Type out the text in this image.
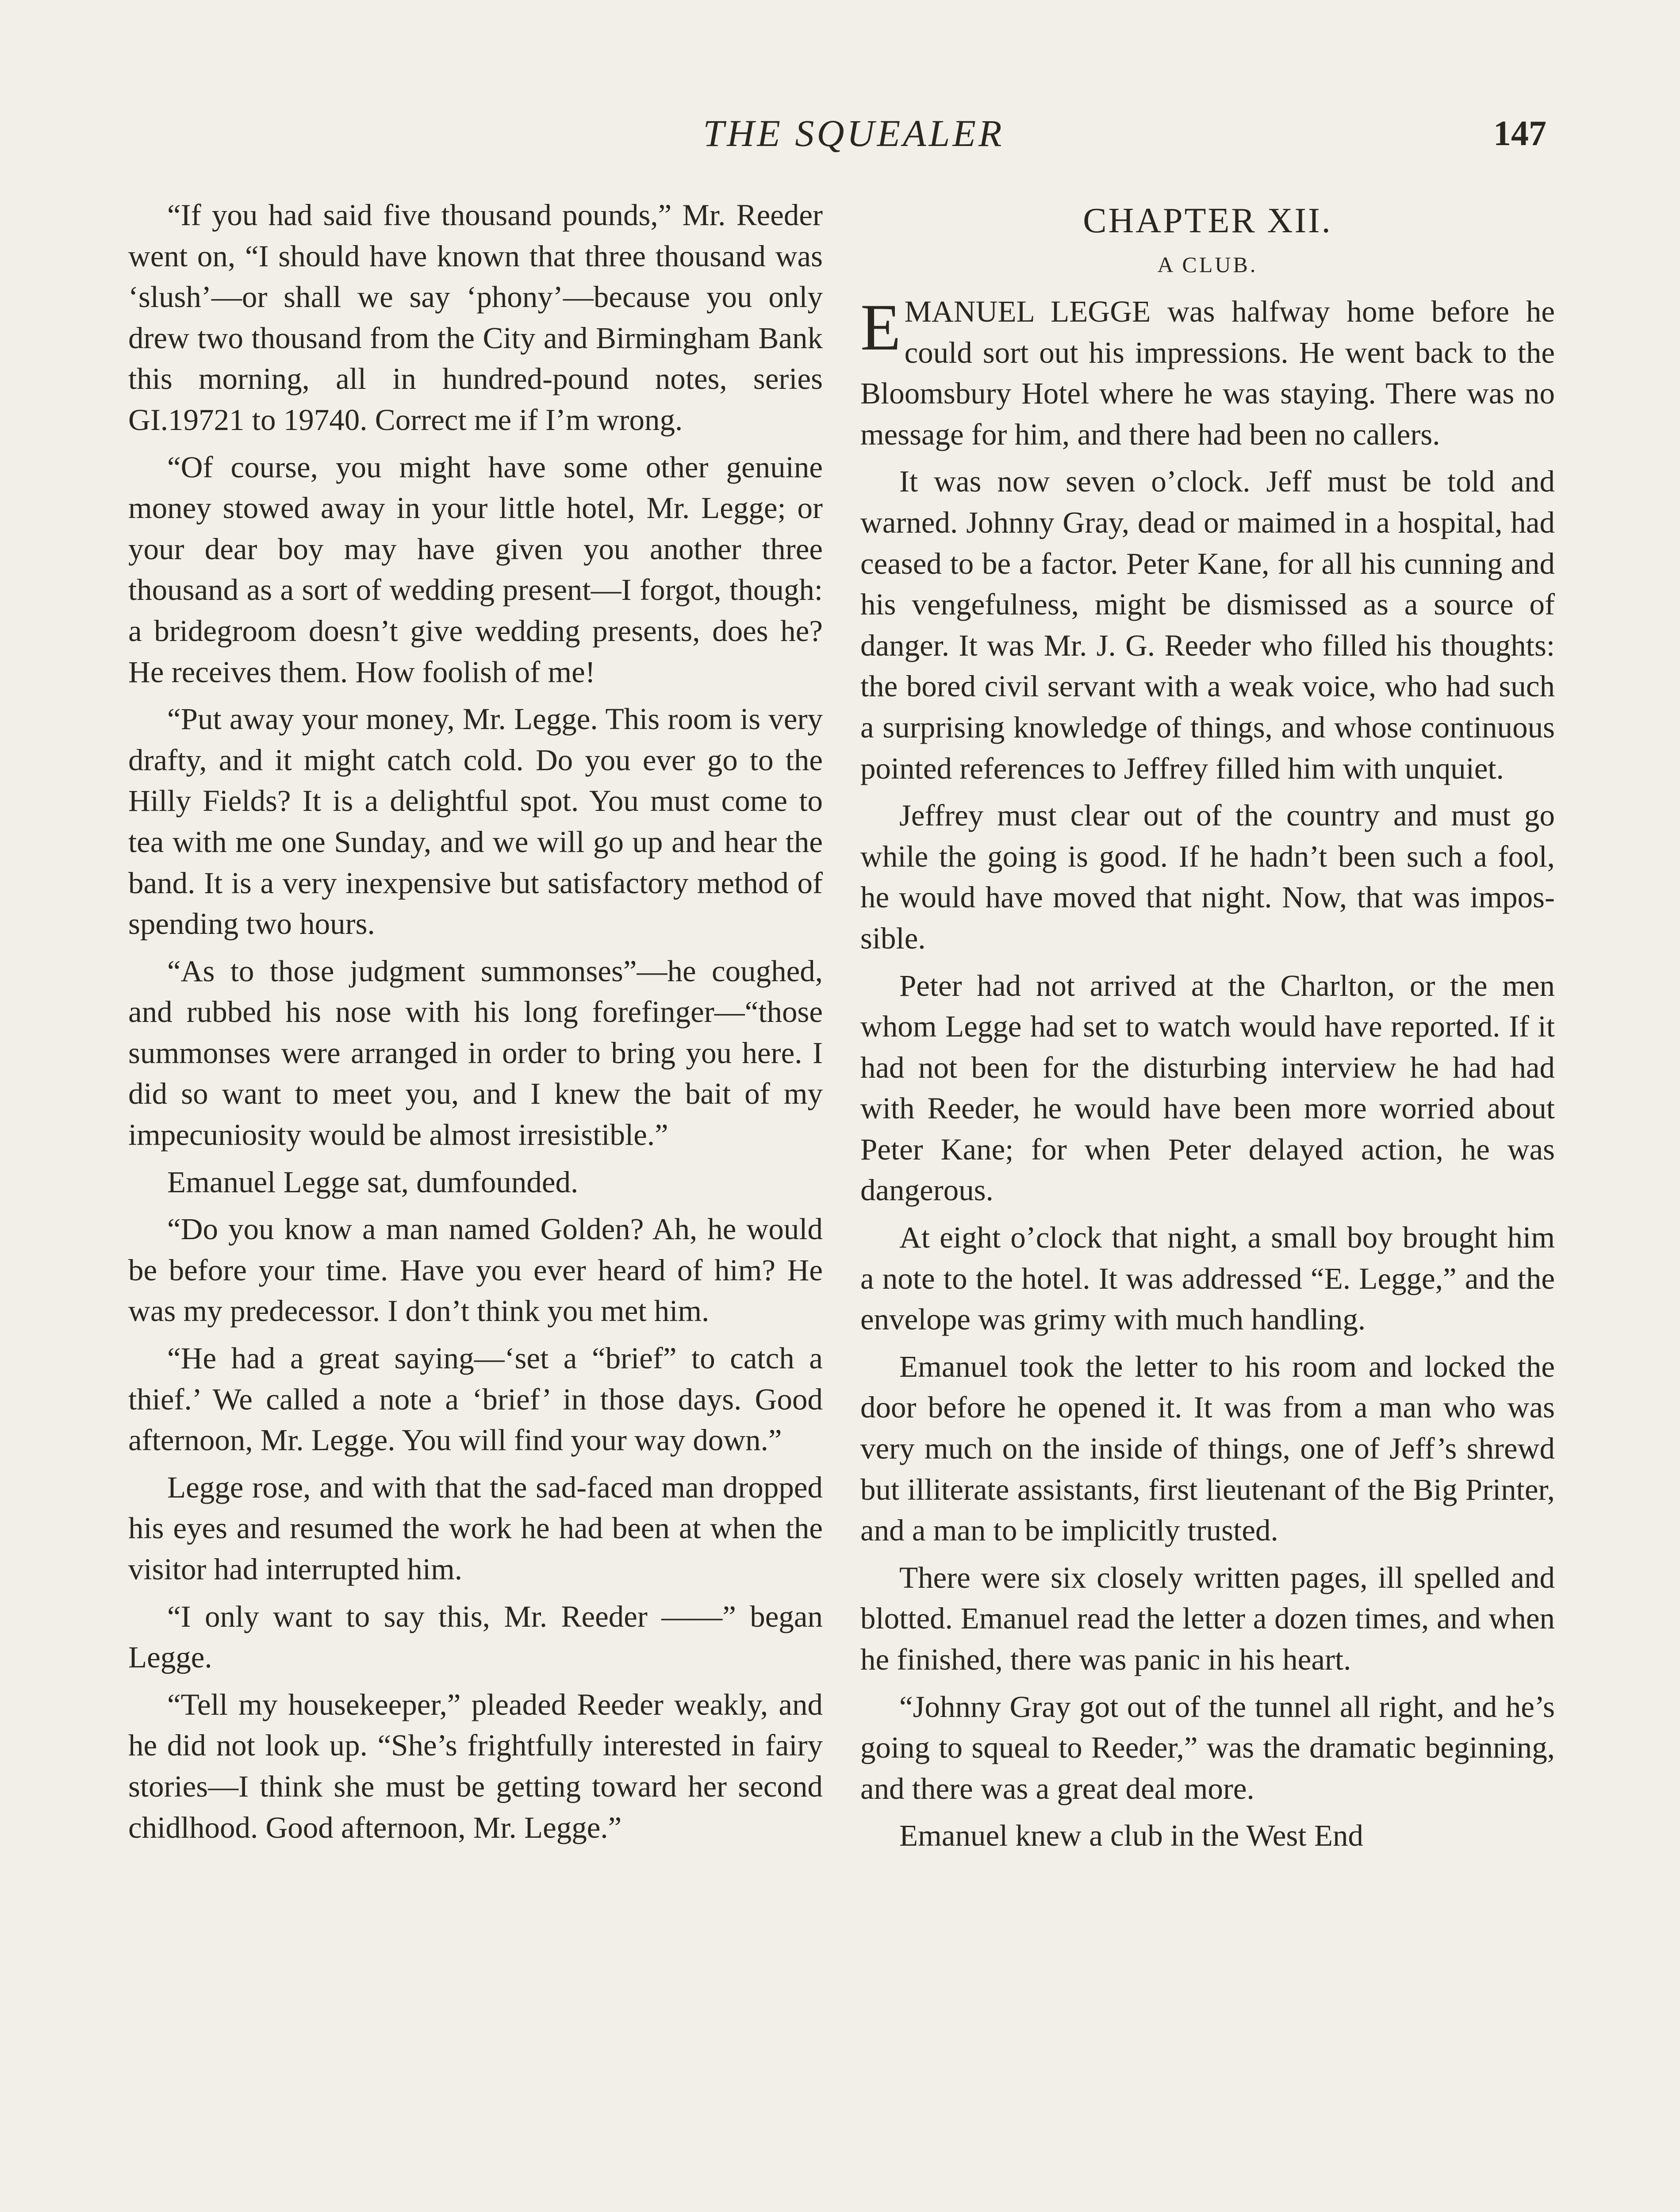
THE SQUEALER	147

“If you had said five thousand pounds,” Mr. Reeder went on, “I should have known that three thousand was ‘slush’—or shall we say ‘phony’—because you only drew two thousand from the City and Birmingham Bank this morning, all in hundred-pound notes, series GI.19721 to 19740. Correct me if I’m wrong.

“Of course, you might have some other genuine money stowed away in your little hotel, Mr. Legge; or your dear boy may have given you another three thousand as a sort of wedding present—I forgot, though: a bridegroom doesn’t give wedding presents, does he? He receives them. How foolish of me!

“Put away your money, Mr. Legge. This room is very drafty, and it might catch cold. Do you ever go to the Hilly Fields? It is a delightful spot. You must come to tea with me one Sunday, and we will go up and hear the band. It is a very inexpensive but satisfactory method of spending two hours.

“As to those judgment summonses”—he coughed, and rubbed his nose with his long forefinger—“those summonses were arranged in order to bring you here. I did so want to meet you, and I knew the bait of my impecuniosity would be almost irresistible.”

Emanuel Legge sat, dumfounded.

“Do you know a man named Golden? Ah, he would be before your time. Have you ever heard of him? He was my predecessor. I don’t think you met him.

“He had a great saying—‘set a “brief” to catch a thief.’ We called a note a ‘brief’ in those days. Good afternoon, Mr. Legge. You will find your way down.”

Legge rose, and with that the sad-faced man dropped his eyes and resumed the work he had been at when the visitor had interrupted him.

“I only want to say this, Mr. Reeder ——” began Legge.

“Tell my housekeeper,” pleaded Reeder weakly, and he did not look up. “She’s frightfully interested in fairy stories—I think she must be getting toward her second chidlhood. Good afternoon, Mr. Legge.”

CHAPTER XII.
A CLUB.

EMANUEL LEGGE was halfway home before he could sort out his impressions. He went back to the Bloomsbury Hotel where he was staying. There was no message for him, and there had been no callers.

It was now seven o’clock. Jeff must be told and warned. Johnny Gray, dead or maimed in a hospital, had ceased to be a factor. Peter Kane, for all his cunning and his vengefulness, might be dismissed as a source of danger. It was Mr. J. G. Reeder who filled his thoughts: the bored civil servant with a weak voice, who had such a surprising knowledge of things, and whose continuous pointed references to Jeffrey filled him with unquiet.

Jeffrey must clear out of the country and must go while the going is good. If he hadn’t been such a fool, he would have moved that night. Now, that was impossible.

Peter had not arrived at the Charlton, or the men whom Legge had set to watch would have reported. If it had not been for the disturbing interview he had had with Reeder, he would have been more worried about Peter Kane; for when Peter delayed action, he was dangerous.

At eight o’clock that night, a small boy brought him a note to the hotel. It was addressed “E. Legge,” and the envelope was grimy with much handling.

Emanuel took the letter to his room and locked the door before he opened it. It was from a man who was very much on the inside of things, one of Jeff’s shrewd but illiterate assistants, first lieutenant of the Big Printer, and a man to be implicitly trusted.

There were six closely written pages, ill spelled and blotted. Emanuel read the letter a dozen times, and when he finished, there was panic in his heart.

“Johnny Gray got out of the tunnel all right, and he’s going to squeal to Reeder,” was the dramatic beginning, and there was a great deal more.

Emanuel knew a club in the West End
